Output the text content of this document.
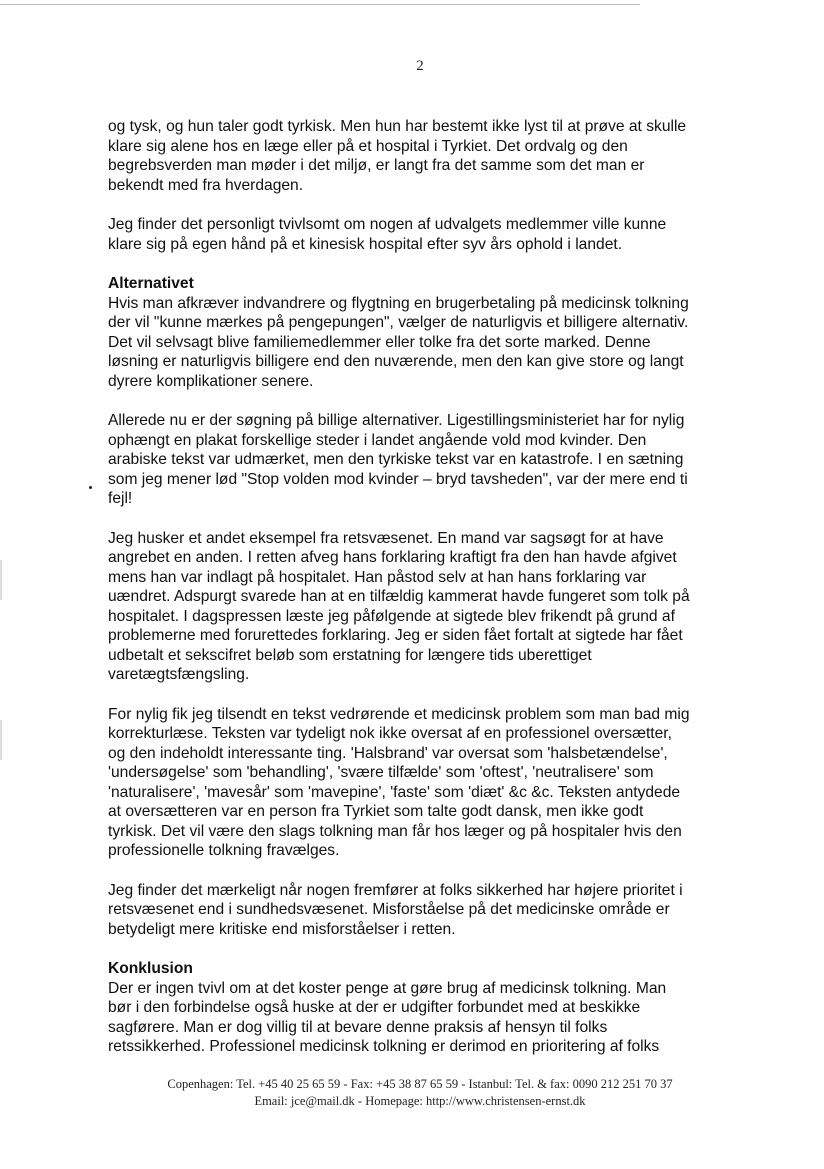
2

og tysk, og hun taler godt tyrkisk. Men hun har bestemt ikke lyst til at prøve at skulle
klare sig alene hos en læge eller på et hospital i Tyrkiet. Det ordvalg og den
begrebsverden man møder i det miljø, er langt fra det samme som det man er
bekendt med fra hverdagen.

Jeg finder det personligt tvivlsomt om nogen af udvalgets medlemmer ville kunne
klare sig på egen hånd på et kinesisk hospital efter syv års ophold i landet.

Alternativet

Hvis man afkræver indvandrere og flygtning en brugerbetaling på medicinsk tolkning
der vil "kunne mærkes på pengepungen", vælger de naturligvis et billigere alternativ.
Det vil selvsagt blive familiemedlemmer eller tolke fra det sorte marked. Denne
løsning er naturligvis billigere end den nuværende, men den kan give store og langt
dyrere komplikationer senere.

Allerede nu er der søgning på billige alternativer. Ligestillingsministeriet har for nylig
ophængt en plakat forskellige steder i landet angående vold mod kvinder. Den
arabiske tekst var udmærket, men den tyrkiske tekst var en katastrofe. I en sætning
som jeg mener lød "Stop volden mod kvinder – bryd tavsheden", var der mere end ti
fejl!

Jeg husker et andet eksempel fra retsvæsenet. En mand var sagsøgt for at have
angrebet en anden. I retten afveg hans forklaring kraftigt fra den han havde afgivet
mens han var indlagt på hospitalet. Han påstod selv at han hans forklaring var
uændret. Adspurgt svarede han at en tilfældig kammerat havde fungeret som tolk på
hospitalet. I dagspressen læste jeg påfølgende at sigtede blev frikendt på grund af
problemerne med forurettedes forklaring. Jeg er siden fået fortalt at sigtede har fået
udbetalt et sekscifret beløb som erstatning for længere tids uberettiget
varetægtsfængsling.

For nylig fik jeg tilsendt en tekst vedrørende et medicinsk problem som man bad mig
korrekturlæse. Teksten var tydeligt nok ikke oversat af en professionel oversætter,
og den indeholdt interessante ting. 'Halsbrand' var oversat som 'halsbetændelse',
'undersøgelse' som 'behandling', 'svære tilfælde' som 'oftest', 'neutralisere' som
'naturalisere', 'mavesår' som 'mavepine', 'faste' som 'diæt' &c &c. Teksten antydede
at oversætteren var en person fra Tyrkiet som talte godt dansk, men ikke godt
tyrkisk. Det vil være den slags tolkning man får hos læger og på hospitaler hvis den
professionelle tolkning fravælges.

Jeg finder det mærkeligt når nogen fremfører at folks sikkerhed har højere prioritet i
retsvæsenet end i sundhedsvæsenet. Misforståelse på det medicinske område er
betydeligt mere kritiske end misforståelser i retten.

Konklusion

Der er ingen tvivl om at det koster penge at gøre brug af medicinsk tolkning. Man
bør i den forbindelse også huske at der er udgifter forbundet med at beskikke
sagførere. Man er dog villig til at bevare denne praksis af hensyn til folks
retssikkerhed. Professionel medicinsk tolkning er derimod en prioritering af folks

Copenhagen: Tel. +45 40 25 65 59 - Fax: +45 38 87 65 59 - Istanbul: Tel. & fax: 0090 212 251 70 37
Email: jce@mail.dk - Homepage: http://www.christensen-ernst.dk
